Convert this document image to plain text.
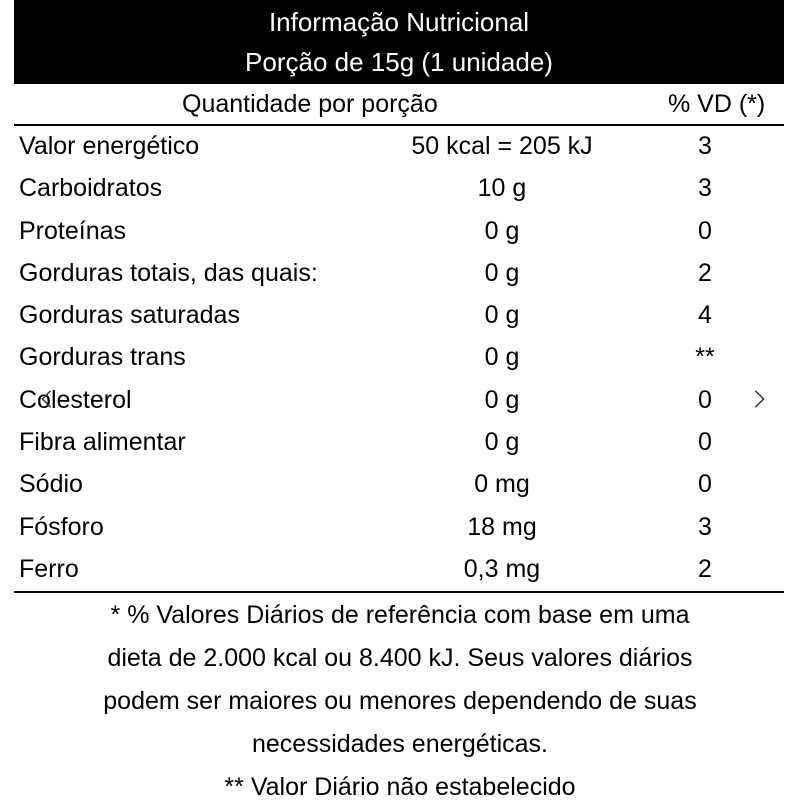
Informação Nutricional
Porção de 15g (1 unidade)
Quantidade por porção	% VD (*)
Valor energético	50 kcal = 205 kJ	3
Carboidratos	10 g	3
Proteínas	0 g	0
Gorduras totais, das quais:	0 g	2
Gorduras saturadas	0 g	4
Gorduras trans	0 g	**
Colesterol	0 g	0
Fibra alimentar	0 g	0
Sódio	0 mg	0
Fósforo	18 mg	3
Ferro	0,3 mg	2
* % Valores Diários de referência com base em uma
dieta de 2.000 kcal ou 8.400 kJ. Seus valores diários
podem ser maiores ou menores dependendo de suas
necessidades energéticas.
** Valor Diário não estabelecido
